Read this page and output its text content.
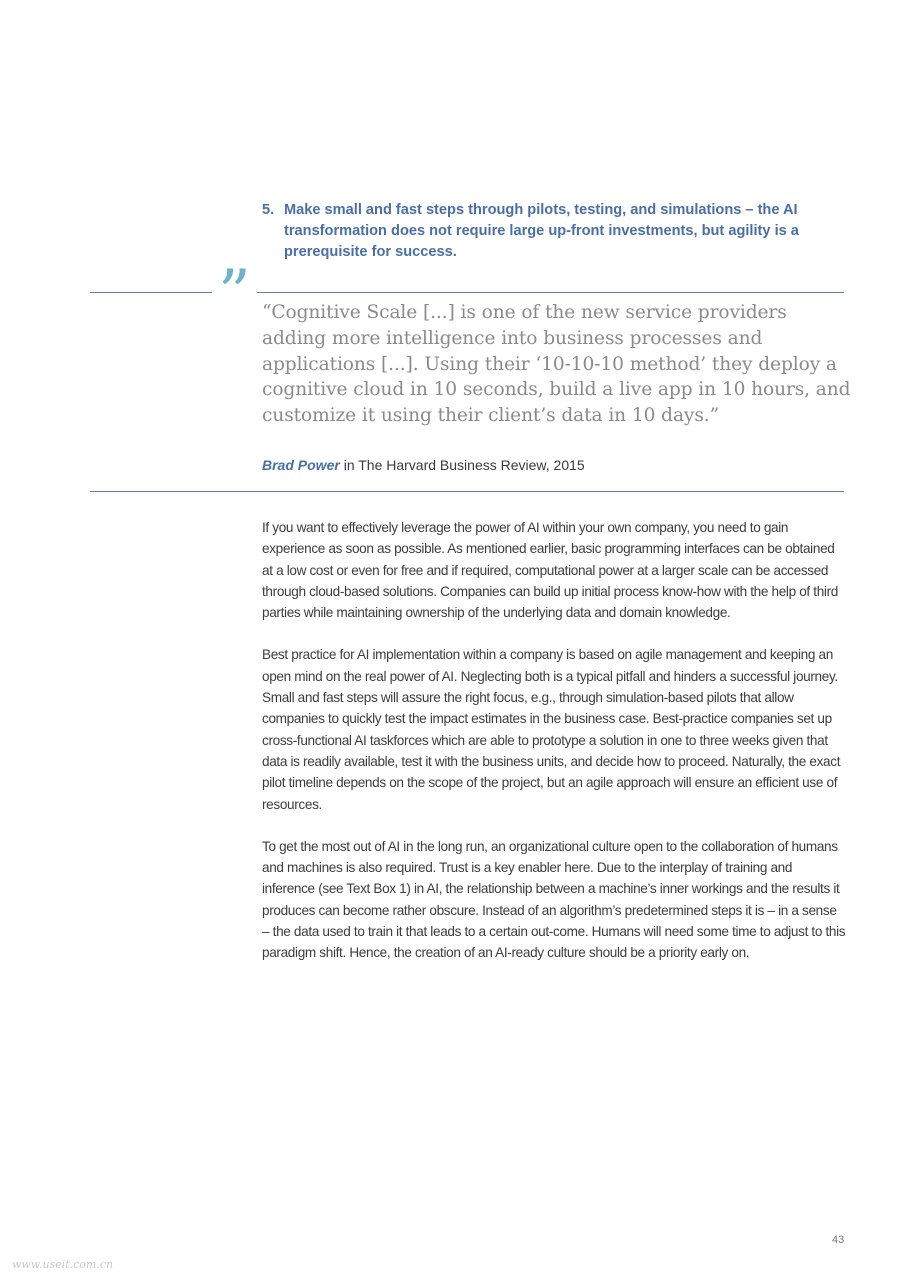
5. Make small and fast steps through pilots, testing, and simulations – the AI transformation does not require large up-front investments, but agility is a prerequisite for success.
” “Cognitive Scale [...] is one of the new service providers adding more intelligence into business processes and applications [...]. Using their ‘10-10-10 method’ they deploy a cognitive cloud in 10 seconds, build a live app in 10 hours, and customize it using their client’s data in 10 days.”
Brad Power in The Harvard Business Review, 2015

If you want to effectively leverage the power of AI within your own company, you need to gain experience as soon as possible. As mentioned earlier, basic programming interfaces can be obtained at a low cost or even for free and if required, computational power at a larger scale can be accessed through cloud-based solutions. Companies can build up initial process know-how with the help of third parties while maintaining ownership of the underlying data and domain knowledge.

Best practice for AI implementation within a company is based on agile management and keeping an open mind on the real power of AI. Neglecting both is a typical pitfall and hinders a successful journey. Small and fast steps will assure the right focus, e.g., through simulation-based pilots that allow companies to quickly test the impact estimates in the business case. Best-practice companies set up cross-functional AI taskforces which are able to prototype a solution in one to three weeks given that data is readily available, test it with the business units, and decide how to proceed. Naturally, the exact pilot timeline depends on the scope of the project, but an agile approach will ensure an efficient use of resources.

To get the most out of AI in the long run, an organizational culture open to the collaboration of humans and machines is also required. Trust is a key enabler here. Due to the interplay of training and inference (see Text Box 1) in AI, the relationship between a machine’s inner workings and the results it produces can become rather obscure. Instead of an algorithm’s predetermined steps it is – in a sense – the data used to train it that leads to a certain out-come. Humans will need some time to adjust to this paradigm shift. Hence, the creation of an AI-ready culture should be a priority early on.

43
www.useit.com.cn
